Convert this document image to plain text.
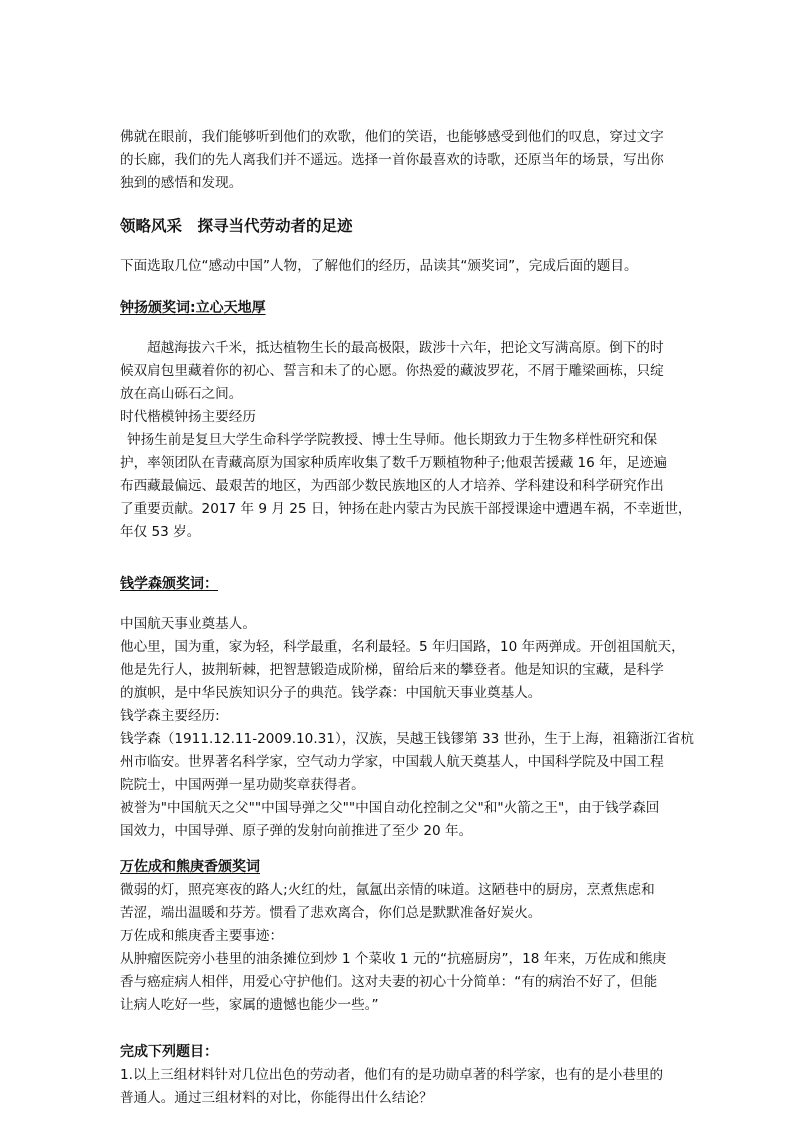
佛就在眼前，我们能够听到他们的欢歌，他们的笑语，也能够感受到他们的叹息，穿过文字
的长廊，我们的先人离我们并不遥远。选择一首你最喜欢的诗歌，还原当年的场景，写出你
独到的感悟和发现。

领略风采　探寻当代劳动者的足迹

下面选取几位“感动中国”人物，了解他们的经历，品读其“颁奖词”，完成后面的题目。

钟扬颁奖词:立心天地厚

超越海拔六千米，抵达植物生长的最高极限，跋涉十六年，把论文写满高原。倒下的时
候双肩包里藏着你的初心、誓言和未了的心愿。你热爱的藏波罗花，不屑于雕梁画栋，只绽
放在高山砾石之间。
时代楷模钟扬主要经历
钟扬生前是复旦大学生命科学学院教授、博士生导师。他长期致力于生物多样性研究和保
护，率领团队在青藏高原为国家种质库收集了数千万颗植物种子;他艰苦援藏 16 年，足迹遍
布西藏最偏远、最艰苦的地区，为西部少数民族地区的人才培养、学科建设和科学研究作出
了重要贡献。2017 年 9 月 25 日，钟扬在赴内蒙古为民族干部授课途中遭遇车祸，不幸逝世，
年仅 53 岁。

钱学森颁奖词：

中国航天事业奠基人。
他心里，国为重，家为轻，科学最重，名利最轻。5 年归国路，10 年两弹成。开创祖国航天，
他是先行人，披荆斩棘，把智慧锻造成阶梯，留给后来的攀登者。他是知识的宝藏，是科学
的旗帜，是中华民族知识分子的典范。钱学森：中国航天事业奠基人。
钱学森主要经历:
钱学森（1911.12.11-2009.10.31），汉族，吴越王钱镠第 33 世孙，生于上海，祖籍浙江省杭
州市临安。世界著名科学家，空气动力学家，中国载人航天奠基人，中国科学院及中国工程
院院士，中国两弹一星功勋奖章获得者。
被誉为"中国航天之父""中国导弹之父""中国自动化控制之父"和"火箭之王"，由于钱学森回
国效力，中国导弹、原子弹的发射向前推进了至少 20 年。

万佐成和熊庚香颁奖词

微弱的灯，照亮寒夜的路人;火红的灶，氤氲出亲情的味道。这陋巷中的厨房，烹煮焦虑和
苦涩，端出温暖和芬芳。惯看了悲欢离合，你们总是默默准备好炭火。
万佐成和熊庚香主要事迹：
从肿瘤医院旁小巷里的油条摊位到炒 1 个菜收 1 元的“抗癌厨房”，18 年来，万佐成和熊庚
香与癌症病人相伴，用爱心守护他们。这对夫妻的初心十分简单：“有的病治不好了，但能
让病人吃好一些，家属的遗憾也能少一些。”

完成下列题目：

1.以上三组材料针对几位出色的劳动者，他们有的是功勋卓著的科学家，也有的是小巷里的
普通人。通过三组材料的对比，你能得出什么结论？
